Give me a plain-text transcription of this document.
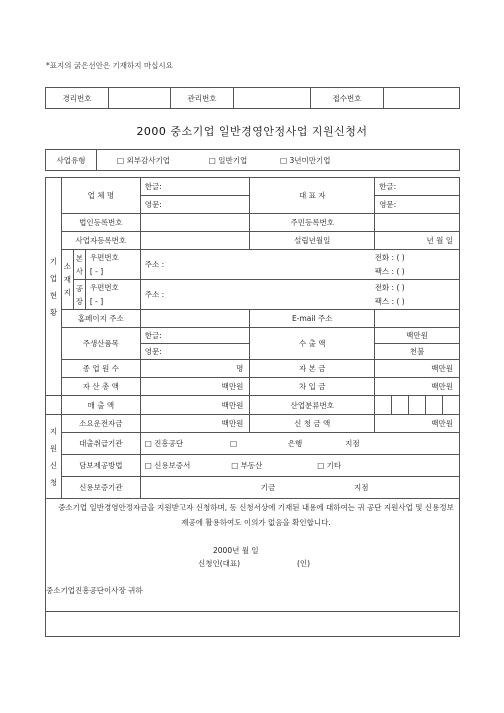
*표지의 굵은선안은 기재하지 마십시요
경리번호		관리번호		접수번호	
2000 중소기업 일반경영안정사업 지원신청서
사업유형	□ 외부감사기업	□ 일반기업	□ 3년미만기업
기업현황	업 체 명			한글:	대 표 자		한글:
				영문:			영문:
	법인등록번호				주민등록번호		
	사업자등록번호				설립년월일		년 월 일

	소재지	본사	우편번호	주소 :		전화 : ( )	
			[ - ]			팩스 : ( )	

		공장	우편번호	주소 :		전화 : ( )	
			[ - ]			팩스 : ( )	
	홈페이지 주소				E-mail 주소		
	주생산품목			한글:	수 출 액		백만원
				영문:			천불
	종 업 원 수			명	자 본 금		백만원
	자 산 총 액			백만원	차 입 금		백만원
	매 출 액			백만원	산업분류번호		

지원신청	소요운전자금			백만원	신 청 금 액		백만원
	대출취급기관			□ 진흥공단 □ 은행 지점			
	담보제공방법			□ 신용보증서 □ 부동산 □ 기타			
	신용보증기관			기금 지점			
중소기업 일반경영안정자금을 지원받고자 신청하며, 동 신청서상에 기재된 내용에 대하여는 귀 공단 지원사업 및 신용정보 제공에 활용하여도 이의가 없음을 확인합니다.
2000년 월 일
신청인(대표)	(인)
중소기업진흥공단이사장 귀하
